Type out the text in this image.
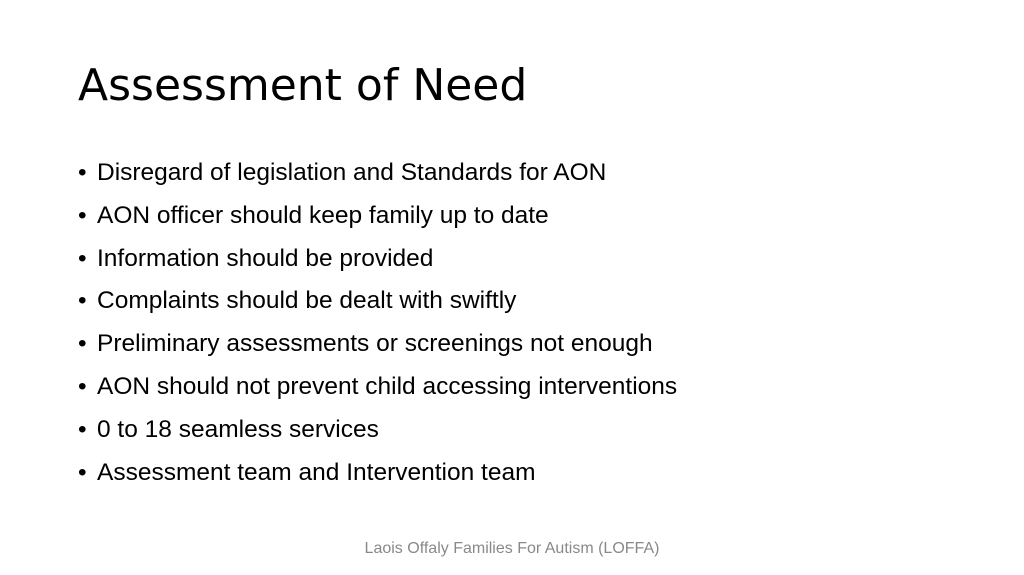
Assessment of Need
• Disregard of legislation and Standards for AON
• AON officer should keep family up to date
• Information should be provided
• Complaints should be dealt with swiftly
• Preliminary assessments or screenings not enough
• AON should not prevent child accessing interventions
• 0 to 18 seamless services
• Assessment team and Intervention team
Laois Offaly Families For Autism (LOFFA)
